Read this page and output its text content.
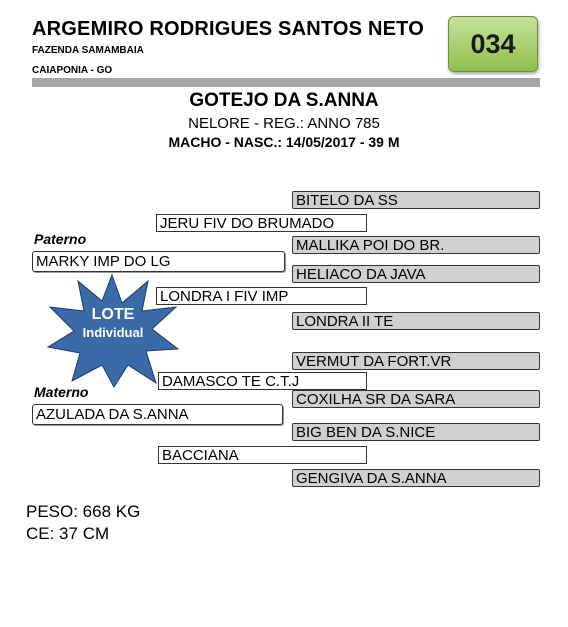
ARGEMIRO RODRIGUES SANTOS NETO
FAZENDA SAMAMBAIA
CAIAPONIA - GO
034
GOTEJO DA S.ANNA
NELORE - REG.: ANNO 785
MACHO - NASC.: 14/05/2017 - 39 M
BITELO DA SS
MALLIKA POI DO BR.
HELIACO DA JAVA
LONDRA II TE
VERMUT DA FORT.VR
COXILHA SR DA SARA
BIG BEN DA S.NICE
GENGIVA DA S.ANNA
JERU FIV DO BRUMADO
LONDRA I FIV IMP
DAMASCO TE C.T.J
BACCIANA
Paterno
Materno
MARKY IMP DO LG
AZULADA DA S.ANNA
LOTE
Individual
PESO: 668 KG
CE: 37 CM
